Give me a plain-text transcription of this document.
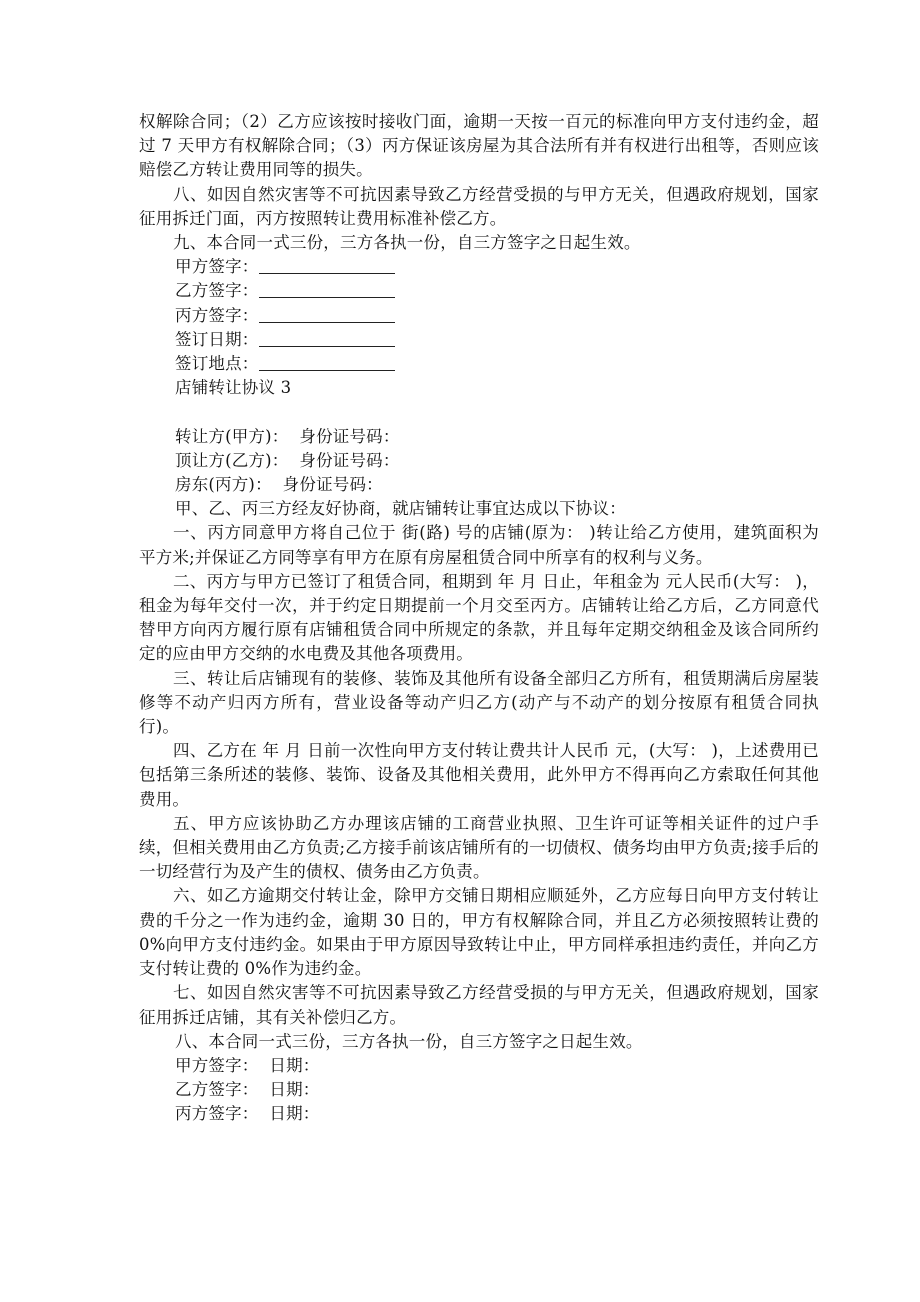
权解除合同；（2）乙方应该按时接收门面，逾期一天按一百元的标准向甲方支付违约金，超过 7 天甲方有权解除合同；（3）丙方保证该房屋为其合法所有并有权进行出租等，否则应该赔偿乙方转让费用同等的损失。

八、如因自然灾害等不可抗因素导致乙方经营受损的与甲方无关，但遇政府规划，国家征用拆迁门面，丙方按照转让费用标准补偿乙方。

九、本合同一式三份，三方各执一份，自三方签字之日起生效。

甲方签字：

乙方签字：

丙方签字：

签订日期：

签订地点：

店铺转让协议 3

转让方(甲方)： 身份证号码：

顶让方(乙方)： 身份证号码：

房东(丙方)： 身份证号码：

甲、乙、丙三方经友好协商，就店铺转让事宜达成以下协议：

一、丙方同意甲方将自己位于 街(路) 号的店铺(原为： )转让给乙方使用，建筑面积为 平方米;并保证乙方同等享有甲方在原有房屋租赁合同中所享有的权利与义务。

二、丙方与甲方已签订了租赁合同，租期到 年 月 日止，年租金为 元人民币(大写： )，租金为每年交付一次，并于约定日期提前一个月交至丙方。店铺转让给乙方后，乙方同意代替甲方向丙方履行原有店铺租赁合同中所规定的条款，并且每年定期交纳租金及该合同所约定的应由甲方交纳的水电费及其他各项费用。

三、转让后店铺现有的装修、装饰及其他所有设备全部归乙方所有，租赁期满后房屋装修等不动产归丙方所有，营业设备等动产归乙方(动产与不动产的划分按原有租赁合同执行)。

四、乙方在 年 月 日前一次性向甲方支付转让费共计人民币 元，(大写： )，上述费用已包括第三条所述的装修、装饰、设备及其他相关费用，此外甲方不得再向乙方索取任何其他费用。

五、甲方应该协助乙方办理该店铺的工商营业执照、卫生许可证等相关证件的过户手续，但相关费用由乙方负责;乙方接手前该店铺所有的一切债权、债务均由甲方负责;接手后的一切经营行为及产生的债权、债务由乙方负责。

六、如乙方逾期交付转让金，除甲方交铺日期相应顺延外，乙方应每日向甲方支付转让费的千分之一作为违约金，逾期 30 日的，甲方有权解除合同，并且乙方必须按照转让费的 0%向甲方支付违约金。如果由于甲方原因导致转让中止，甲方同样承担违约责任，并向乙方支付转让费的 0%作为违约金。

七、如因自然灾害等不可抗因素导致乙方经营受损的与甲方无关，但遇政府规划，国家征用拆迁店铺，其有关补偿归乙方。

八、本合同一式三份，三方各执一份，自三方签字之日起生效。

甲方签字： 日期：

乙方签字： 日期：

丙方签字： 日期：
